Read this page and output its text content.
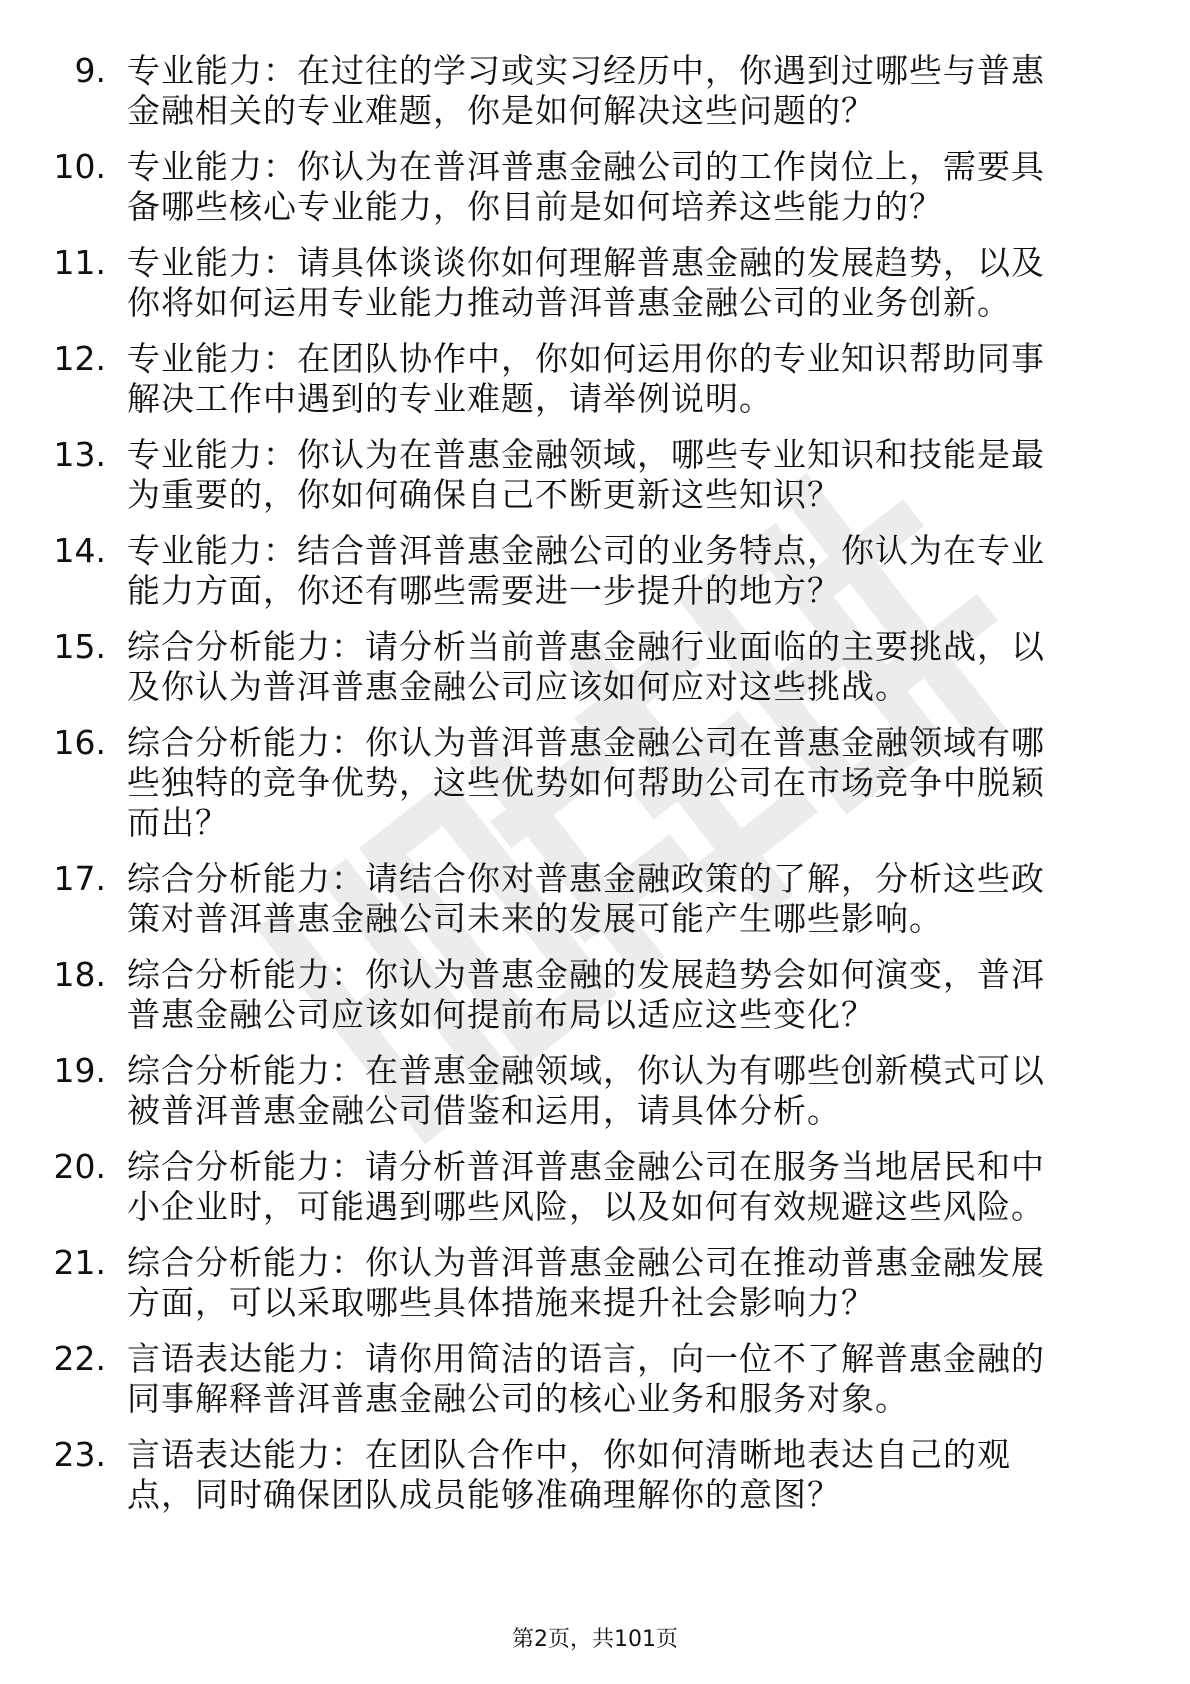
9. 专业能力：在过往的学习或实习经历中，你遇到过哪些与普惠金融相关的专业难题，你是如何解决这些问题的？
10. 专业能力：你认为在普洱普惠金融公司的工作岗位上，需要具备哪些核心专业能力，你目前是如何培养这些能力的？
11. 专业能力：请具体谈谈你如何理解普惠金融的发展趋势，以及你将如何运用专业能力推动普洱普惠金融公司的业务创新。
12. 专业能力：在团队协作中，你如何运用你的专业知识帮助同事解决工作中遇到的专业难题，请举例说明。
13. 专业能力：你认为在普惠金融领域，哪些专业知识和技能是最为重要的，你如何确保自己不断更新这些知识？
14. 专业能力：结合普洱普惠金融公司的业务特点，你认为在专业能力方面，你还有哪些需要进一步提升的地方？
15. 综合分析能力：请分析当前普惠金融行业面临的主要挑战，以及你认为普洱普惠金融公司应该如何应对这些挑战。
16. 综合分析能力：你认为普洱普惠金融公司在普惠金融领域有哪些独特的竞争优势，这些优势如何帮助公司在市场竞争中脱颖而出？
17. 综合分析能力：请结合你对普惠金融政策的了解，分析这些政策对普洱普惠金融公司未来的发展可能产生哪些影响。
18. 综合分析能力：你认为普惠金融的发展趋势会如何演变，普洱普惠金融公司应该如何提前布局以适应这些变化？
19. 综合分析能力：在普惠金融领域，你认为有哪些创新模式可以被普洱普惠金融公司借鉴和运用，请具体分析。
20. 综合分析能力：请分析普洱普惠金融公司在服务当地居民和中小企业时，可能遇到哪些风险，以及如何有效规避这些风险。
21. 综合分析能力：你认为普洱普惠金融公司在推动普惠金融发展方面，可以采取哪些具体措施来提升社会影响力？
22. 言语表达能力：请你用简洁的语言，向一位不了解普惠金融的同事解释普洱普惠金融公司的核心业务和服务对象。
23. 言语表达能力：在团队合作中，你如何清晰地表达自己的观点，同时确保团队成员能够准确理解你的意图？
第2页，共101页
